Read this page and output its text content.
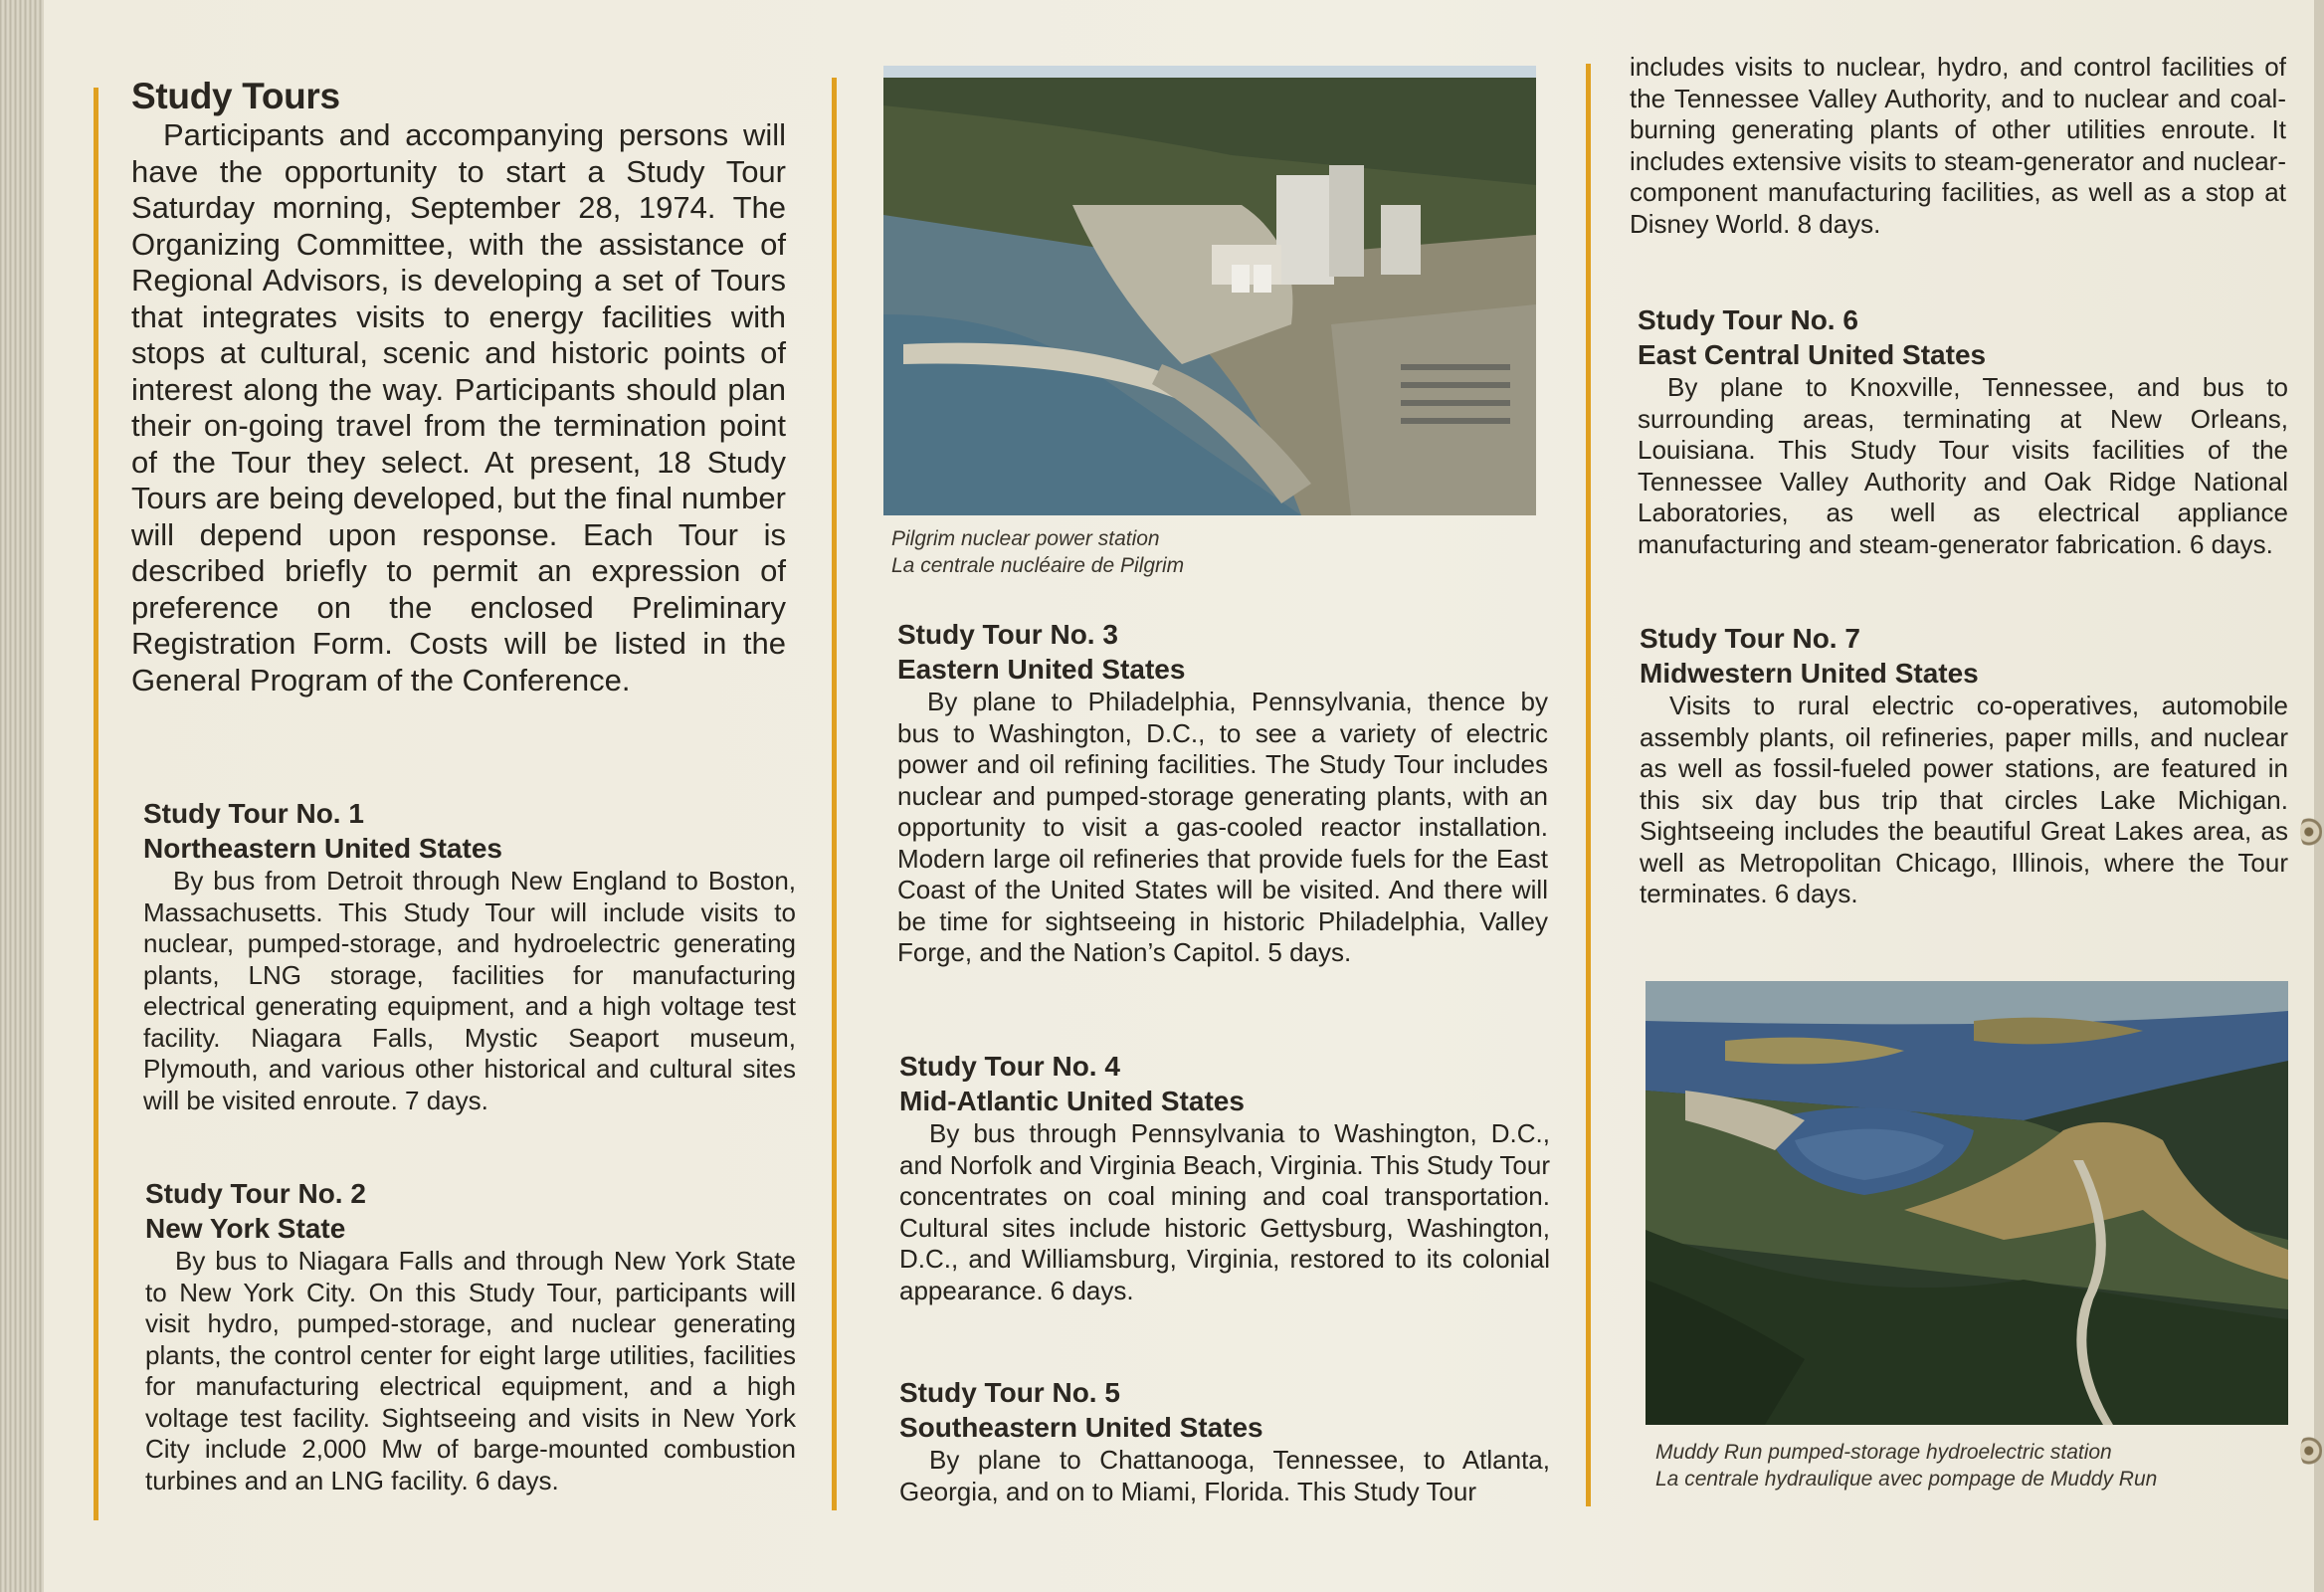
Study Tours

Participants and accompanying persons will have the opportunity to start a Study Tour Saturday morning, September 28, 1974. The Organizing Committee, with the assistance of Regional Advisors, is developing a set of Tours that integrates visits to energy facilities with stops at cultural, scenic and historic points of interest along the way. Participants should plan their on-going travel from the termination point of the Tour they select. At present, 18 Study Tours are being developed, but the final number will depend upon response. Each Tour is described briefly to permit an expression of preference on the enclosed Preliminary Registration Form. Costs will be listed in the General Program of the Conference.

Study Tour No. 1
Northeastern United States

By bus from Detroit through New England to Boston, Massachusetts. This Study Tour will include visits to nuclear, pumped-storage, and hydroelectric generating plants, LNG storage, facilities for manufacturing electrical generating equipment, and a high voltage test facility. Niagara Falls, Mystic Seaport museum, Plymouth, and various other historical and cultural sites will be visited enroute. 7 days.

Study Tour No. 2
New York State

By bus to Niagara Falls and through New York State to New York City. On this Study Tour, participants will visit hydro, pumped-storage, and nuclear generating plants, the control center for eight large utilities, facilities for manufacturing electrical equipment, and a high voltage test facility. Sightseeing and visits in New York City include 2,000 Mw of barge-mounted combustion turbines and an LNG facility. 6 days.

Pilgrim nuclear power station
La centrale nucléaire de Pilgrim
Study Tour No. 3
Eastern United States

By plane to Philadelphia, Pennsylvania, thence by bus to Washington, D.C., to see a variety of electric power and oil refining facilities. The Study Tour includes nuclear and pumped-storage generating plants, with an opportunity to visit a gas-cooled reactor installation. Modern large oil refineries that provide fuels for the East Coast of the United States will be visited. And there will be time for sightseeing in historic Philadelphia, Valley Forge, and the Nation’s Capitol. 5 days.

Study Tour No. 4
Mid-Atlantic United States

By bus through Pennsylvania to Washington, D.C., and Norfolk and Virginia Beach, Virginia. This Study Tour concentrates on coal mining and coal transportation. Cultural sites include historic Gettysburg, Washington, D.C., and Williamsburg, Virginia, restored to its colonial appearance. 6 days.

Study Tour No. 5
Southeastern United States

By plane to Chattanooga, Tennessee, to Atlanta, Georgia, and on to Miami, Florida. This Study Tour

includes visits to nuclear, hydro, and control facilities of the Tennessee Valley Authority, and to nuclear and coal-burning generating plants of other utilities enroute. It includes extensive visits to steam-generator and nuclear-component manufacturing facilities, as well as a stop at Disney World. 8 days.

Study Tour No. 6
East Central United States

By plane to Knoxville, Tennessee, and bus to surrounding areas, terminating at New Orleans, Louisiana. This Study Tour visits facilities of the Tennessee Valley Authority and Oak Ridge National Laboratories, as well as electrical appliance manufacturing and steam-generator fabrication. 6 days.

Study Tour No. 7
Midwestern United States

Visits to rural electric co-operatives, automobile assembly plants, oil refineries, paper mills, and nuclear as well as fossil-fueled power stations, are featured in this six day bus trip that circles Lake Michigan. Sightseeing includes the beautiful Great Lakes area, as well as Metropolitan Chicago, Illinois, where the Tour terminates. 6 days.

Muddy Run pumped-storage hydroelectric station
La centrale hydraulique avec pompage de Muddy Run
